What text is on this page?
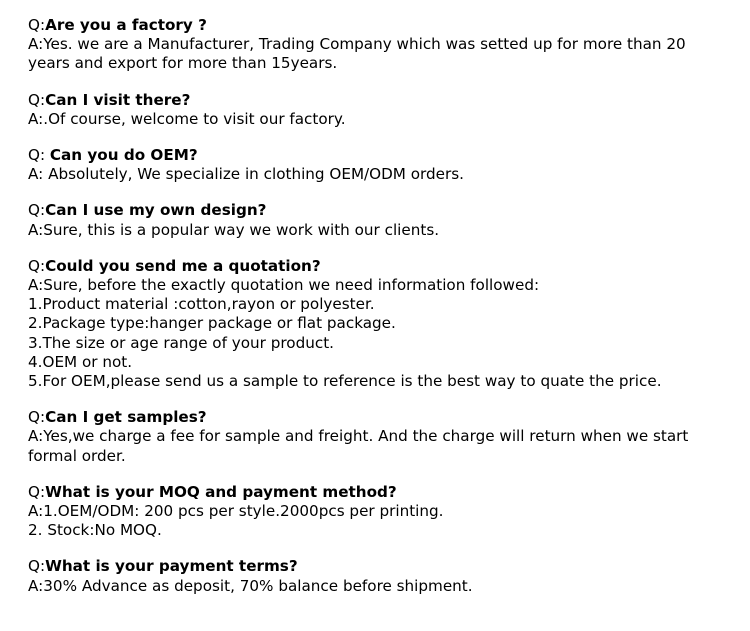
Q:Are you a factory ?
A:Yes. we are a Manufacturer, Trading Company which was setted up for more than 20 years and export for more than 15years.
Q:Can I visit there?
A:.Of course, welcome to visit our factory.
Q: Can you do OEM?
A: Absolutely, We specialize in clothing OEM/ODM orders.
Q:Can I use my own design?
A:Sure, this is a popular way we work with our clients.
Q:Could you send me a quotation?
A:Sure, before the exactly quotation we need information followed:
1.Product material :cotton,rayon or polyester.
2.Package type:hanger package or flat package.
3.The size or age range of your product.
4.OEM or not.
5.For OEM,please send us a sample to reference is the best way to quate the price.
Q:Can I get samples?
A:Yes,we charge a fee for sample and freight. And the charge will return when we start formal order.
Q:What is your MOQ and payment method?
A:1.OEM/ODM: 200 pcs per style.2000pcs per printing.
2. Stock:No MOQ.
Q:What is your payment terms?
A:30% Advance as deposit, 70% balance before shipment.
